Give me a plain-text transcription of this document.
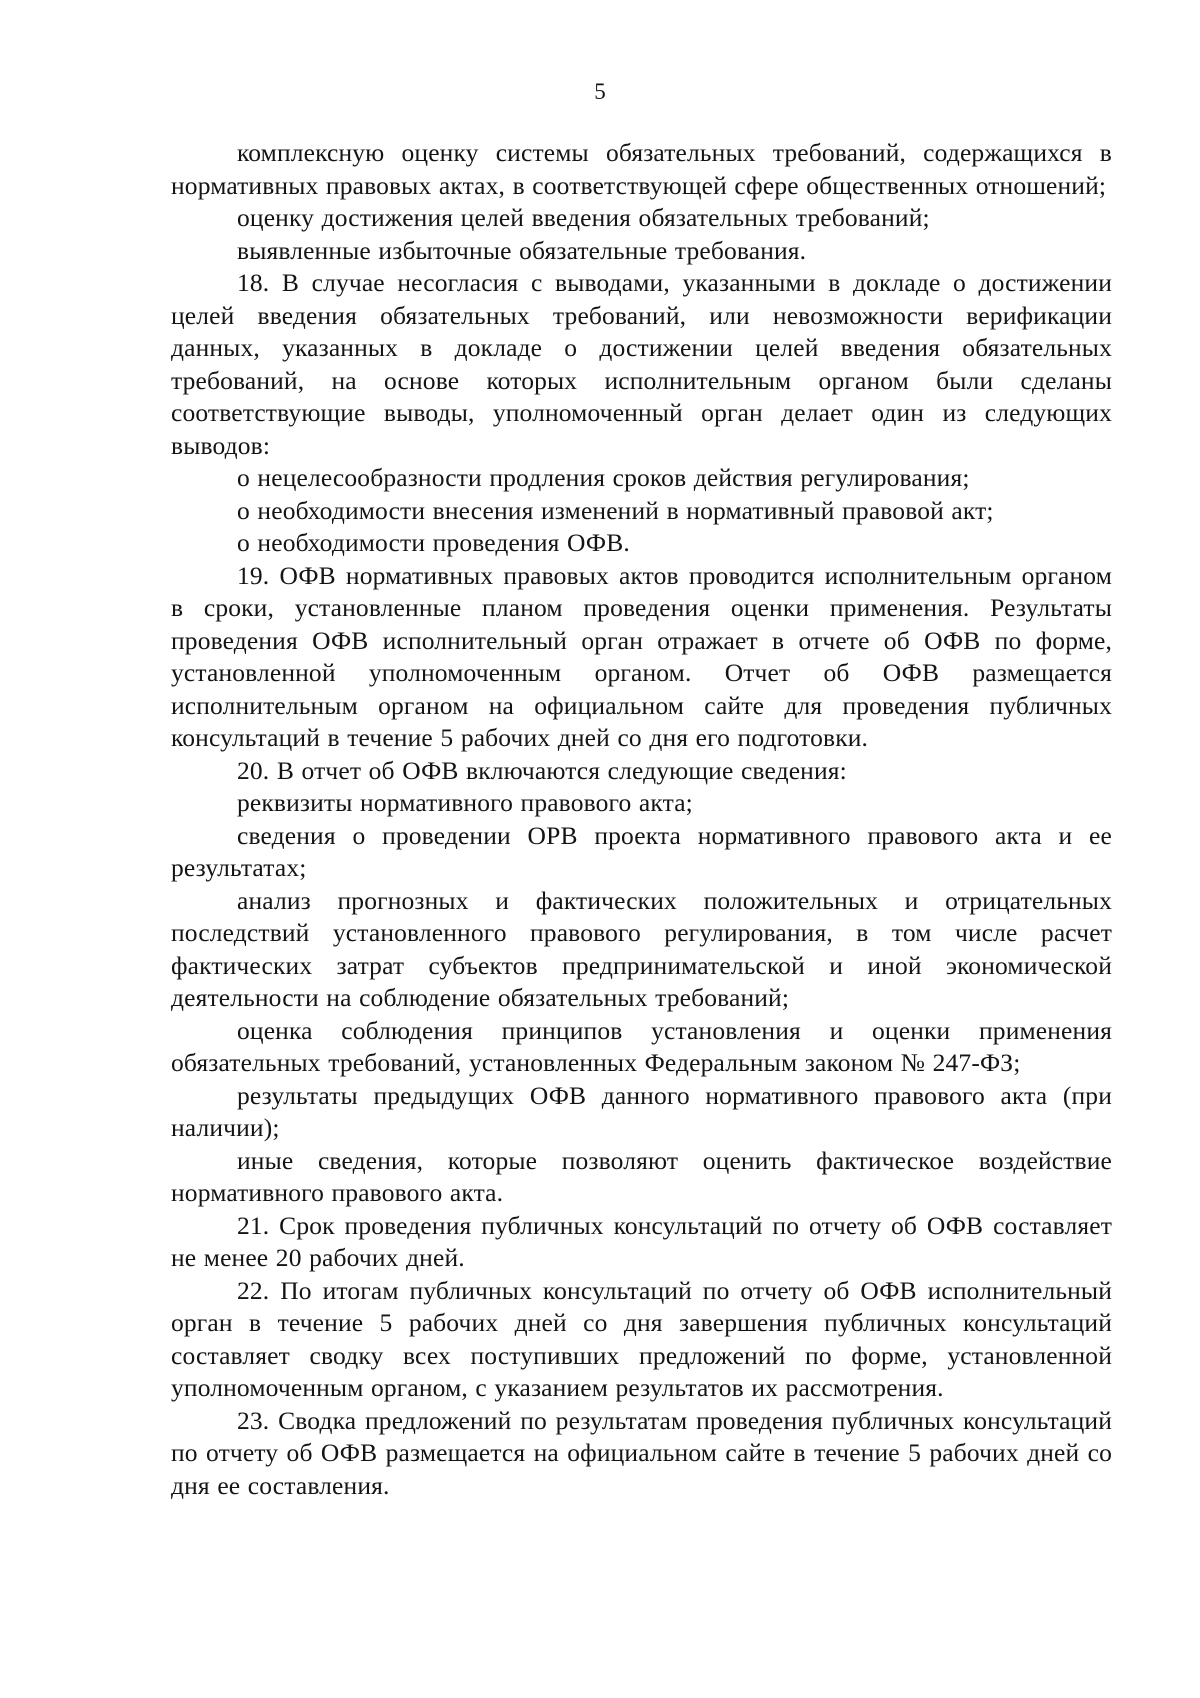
5

комплексную оценку системы обязательных требований, содержащихся в нормативных правовых актах, в соответствующей сфере общественных отношений;

оценку достижения целей введения обязательных требований;

выявленные избыточные обязательные требования.

18. В случае несогласия с выводами, указанными в докладе о достижении целей введения обязательных требований, или невозможности верификации данных, указанных в докладе о достижении целей введения обязательных требований, на основе которых исполнительным органом были сделаны соответствующие выводы, уполномоченный орган делает один из следующих выводов:

о нецелесообразности продления сроков действия регулирования;

о необходимости внесения изменений в нормативный правовой акт;

о необходимости проведения ОФВ.

19. ОФВ нормативных правовых актов проводится исполнительным органом в сроки, установленные планом проведения оценки применения. Результаты проведения ОФВ исполнительный орган отражает в отчете об ОФВ по форме, установленной уполномоченным органом. Отчет об ОФВ размещается исполнительным органом на официальном сайте для проведения публичных консультаций в течение 5 рабочих дней со дня его подготовки.

20. В отчет об ОФВ включаются следующие сведения:

реквизиты нормативного правового акта;

сведения о проведении ОРВ проекта нормативного правового акта и ее результатах;

анализ прогнозных и фактических положительных и отрицательных последствий установленного правового регулирования, в том числе расчет фактических затрат субъектов предпринимательской и иной экономической деятельности на соблюдение обязательных требований;

оценка соблюдения принципов установления и оценки применения обязательных требований, установленных Федеральным законом № 247-ФЗ;

результаты предыдущих ОФВ данного нормативного правового акта (при наличии);

иные сведения, которые позволяют оценить фактическое воздействие нормативного правового акта.

21. Срок проведения публичных консультаций по отчету об ОФВ составляет не менее 20 рабочих дней.

22. По итогам публичных консультаций по отчету об ОФВ исполнительный орган в течение 5 рабочих дней со дня завершения публичных консультаций составляет сводку всех поступивших предложений по форме, установленной уполномоченным органом, с указанием результатов их рассмотрения.

23. Сводка предложений по результатам проведения публичных консультаций по отчету об ОФВ размещается на официальном сайте в течение 5 рабочих дней со дня ее составления.
